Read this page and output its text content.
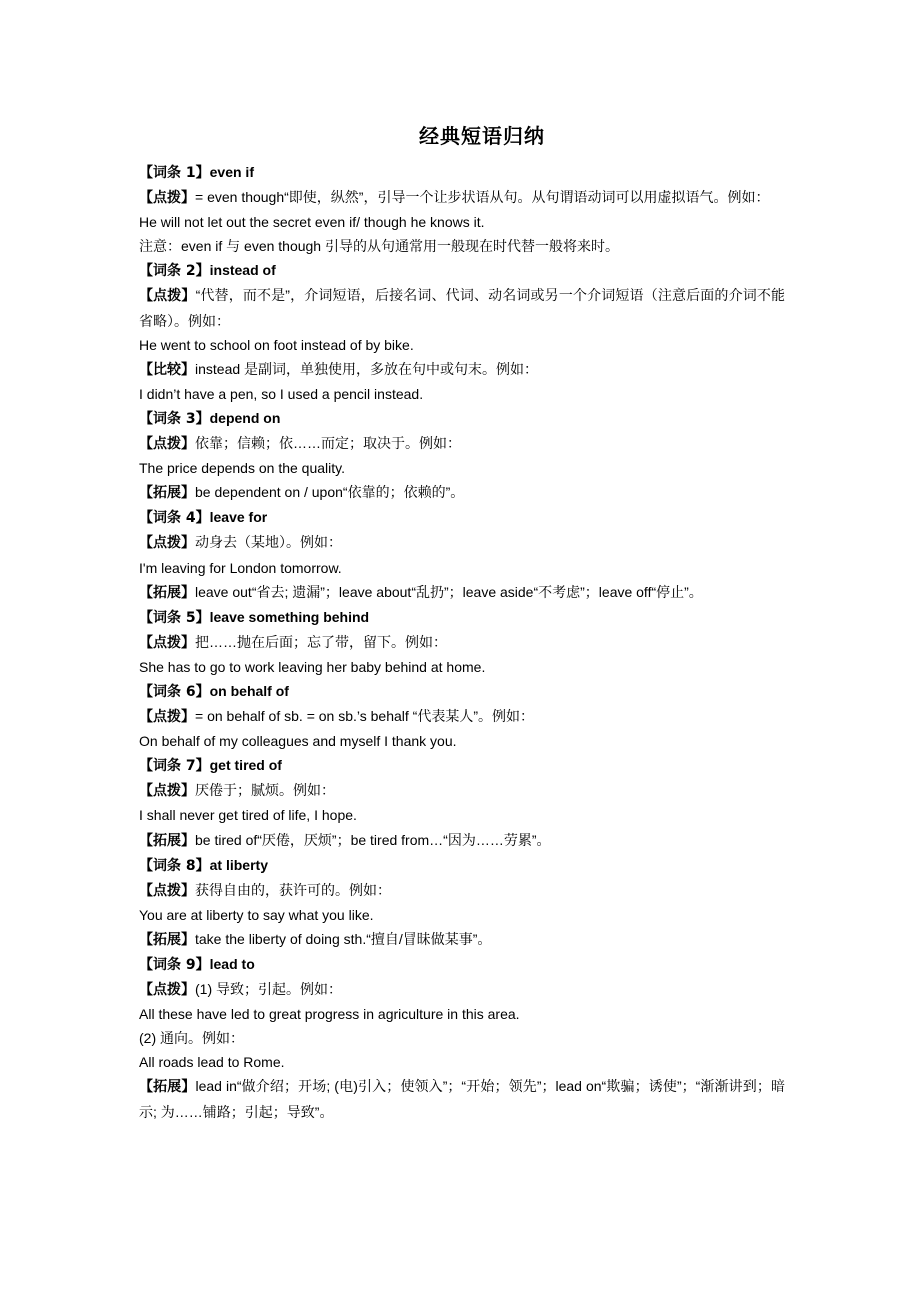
经典短语归纳
【词条 1】even if
【点拨】= even though“即使，纵然”，引导一个让步状语从句。从句谓语动词可以用虚拟语气。例如：
He will not let out the secret even if/ though he knows it.
注意：even if 与 even though 引导的从句通常用一般现在时代替一般将来时。
【词条 2】instead of
【点拨】“代替，而不是”，介词短语，后接名词、代词、动名词或另一个介词短语（注意后面的介词不能省略）。例如：
He went to school on foot instead of by bike.
【比较】instead 是副词，单独使用，多放在句中或句末。例如：
I didn’t have a pen, so I used a pencil instead.
【词条 3】depend on
【点拨】依靠；信赖；依……而定；取决于。例如：
The price depends on the quality.
【拓展】be dependent on / upon“依靠的；依赖的”。
【词条 4】leave for
【点拨】动身去（某地）。例如：
I'm leaving for London tomorrow.
【拓展】leave out“省去; 遗漏”；leave about“乱扔”；leave aside“不考虑”；leave off“停止”。
【词条 5】leave something behind
【点拨】把……抛在后面；忘了带，留下。例如：
She has to go to work leaving her baby behind at home.
【词条 6】on behalf of
【点拨】= on behalf of sb. = on sb.’s behalf “代表某人”。例如：
On behalf of my colleagues and myself I thank you.
【词条 7】get tired of
【点拨】厌倦于；腻烦。例如：
I shall never get tired of life, I hope.
【拓展】be tired of“厌倦，厌烦”；be tired from…“因为……劳累”。
【词条 8】at liberty
【点拨】获得自由的，获许可的。例如：
You are at liberty to say what you like.
【拓展】take the liberty of doing sth.“擅自/冒昧做某事”。
【词条 9】lead to
【点拨】(1) 导致；引起。例如：
All these have led to great progress in agriculture in this area.
(2) 通向。例如：
All roads lead to Rome.
【拓展】lead in“做介绍；开场; (电)引入；使领入”；“开始；领先”；lead on“欺骗；诱使”；“渐渐讲到；暗示; 为……铺路；引起；导致”。
